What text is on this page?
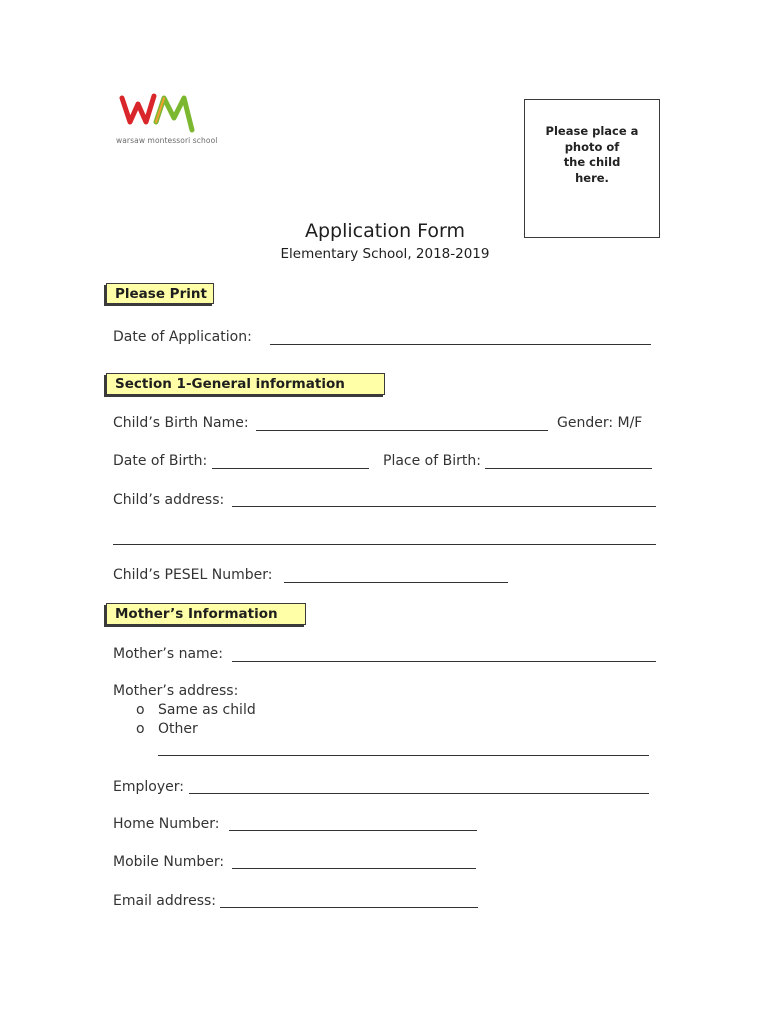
warsaw montessori school
Please place a
photo of
the child
here.
Application Form
Elementary School, 2018-2019
Please Print
Date of Application:
Section 1-General information
Child’s Birth Name:	Gender: M/F
Date of Birth:	Place of Birth:
Child’s address:
Child’s PESEL Number:
Mother’s Information
Mother’s name:
Mother’s address:
o Same as child
o Other
Employer:
Home Number:
Mobile Number:
Email address:
